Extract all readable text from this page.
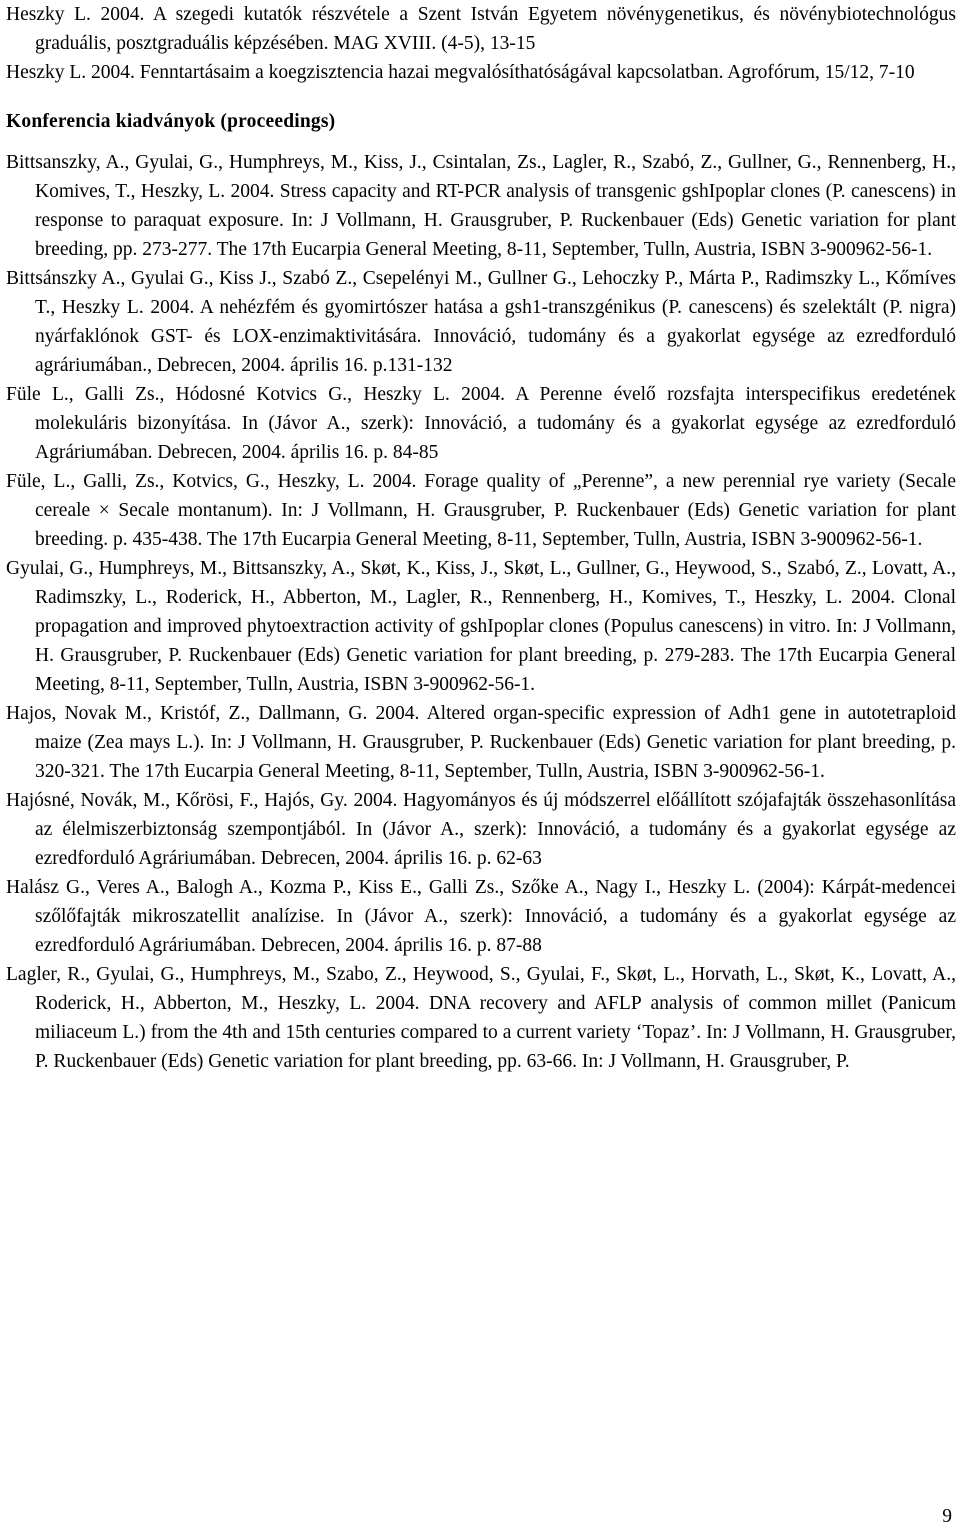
Heszky L. 2004. A szegedi kutatók részvétele a Szent István Egyetem növénygenetikus, és növénybiotechnológus graduális, posztgraduális képzésében. MAG XVIII. (4-5), 13-15

Heszky L. 2004. Fenntartásaim a koegzisztencia hazai megvalósíthatóságával kapcsolatban. Agrofórum, 15/12, 7-10

Konferencia kiadványok (proceedings)

Bittsanszky, A., Gyulai, G., Humphreys, M., Kiss, J., Csintalan, Zs., Lagler, R., Szabó, Z., Gullner, G., Rennenberg, H., Komives, T., Heszky, L. 2004. Stress capacity and RT-PCR analysis of transgenic gshIpoplar clones (P. canescens) in response to paraquat exposure. In: J Vollmann, H. Grausgruber, P. Ruckenbauer (Eds) Genetic variation for plant breeding, pp. 273-277. The 17th Eucarpia General Meeting, 8-11, September, Tulln, Austria, ISBN 3-900962-56-1.

Bittsánszky A., Gyulai G., Kiss J., Szabó Z., Csepelényi M., Gullner G., Lehoczky P., Márta P., Radimszky L., Kőmíves T., Heszky L. 2004. A nehézfém és gyomirtószer hatása a gsh1-transzgénikus (P. canescens) és szelektált (P. nigra) nyárfaklónok GST- és LOX-enzimaktivitására. Innováció, tudomány és a gyakorlat egysége az ezredforduló agráriumában., Debrecen, 2004. április 16. p.131-132

Füle L., Galli Zs., Hódosné Kotvics G., Heszky L. 2004. A Perenne évelő rozsfajta interspecifikus eredetének molekuláris bizonyítása. In (Jávor A., szerk): Innováció, a tudomány és a gyakorlat egysége az ezredforduló Agráriumában. Debrecen, 2004. április 16. p. 84-85

Füle, L., Galli, Zs., Kotvics, G., Heszky, L. 2004. Forage quality of „Perenne”, a new perennial rye variety (Secale cereale × Secale montanum). In: J Vollmann, H. Grausgruber, P. Ruckenbauer (Eds) Genetic variation for plant breeding. p. 435-438. The 17th Eucarpia General Meeting, 8-11, September, Tulln, Austria, ISBN 3-900962-56-1.

Gyulai, G., Humphreys, M., Bittsanszky, A., Skøt, K., Kiss, J., Skøt, L., Gullner, G., Heywood, S., Szabó, Z., Lovatt, A., Radimszky, L., Roderick, H., Abberton, M., Lagler, R., Rennenberg, H., Komives, T., Heszky, L. 2004. Clonal propagation and improved phytoextraction activity of gshIpoplar clones (Populus canescens) in vitro. In: J Vollmann, H. Grausgruber, P. Ruckenbauer (Eds) Genetic variation for plant breeding, p. 279-283. The 17th Eucarpia General Meeting, 8-11, September, Tulln, Austria, ISBN 3-900962-56-1.

Hajos, Novak M., Kristóf, Z., Dallmann, G. 2004. Altered organ-specific expression of Adh1 gene in autotetraploid maize (Zea mays L.). In: J Vollmann, H. Grausgruber, P. Ruckenbauer (Eds) Genetic variation for plant breeding, p. 320-321. The 17th Eucarpia General Meeting, 8-11, September, Tulln, Austria, ISBN 3-900962-56-1.

Hajósné, Novák, M., Kőrösi, F., Hajós, Gy. 2004. Hagyományos és új módszerrel előállított szójafajták összehasonlítása az élelmiszerbiztonság szempontjából. In (Jávor A., szerk): Innováció, a tudomány és a gyakorlat egysége az ezredforduló Agráriumában. Debrecen, 2004. április 16. p. 62-63

Halász G., Veres A., Balogh A., Kozma P., Kiss E., Galli Zs., Szőke A., Nagy I., Heszky L. (2004): Kárpát-medencei szőlőfajták mikroszatellit analízise. In (Jávor A., szerk): Innováció, a tudomány és a gyakorlat egysége az ezredforduló Agráriumában. Debrecen, 2004. április 16. p. 87-88

Lagler, R., Gyulai, G., Humphreys, M., Szabo, Z., Heywood, S., Gyulai, F., Skøt, L., Horvath, L., Skøt, K., Lovatt, A., Roderick, H., Abberton, M., Heszky, L. 2004. DNA recovery and AFLP analysis of common millet (Panicum miliaceum L.) from the 4th and 15th centuries compared to a current variety ‘Topaz’. In: J Vollmann, H. Grausgruber, P. Ruckenbauer (Eds) Genetic variation for plant breeding, pp. 63-66. In: J Vollmann, H. Grausgruber, P.

9
